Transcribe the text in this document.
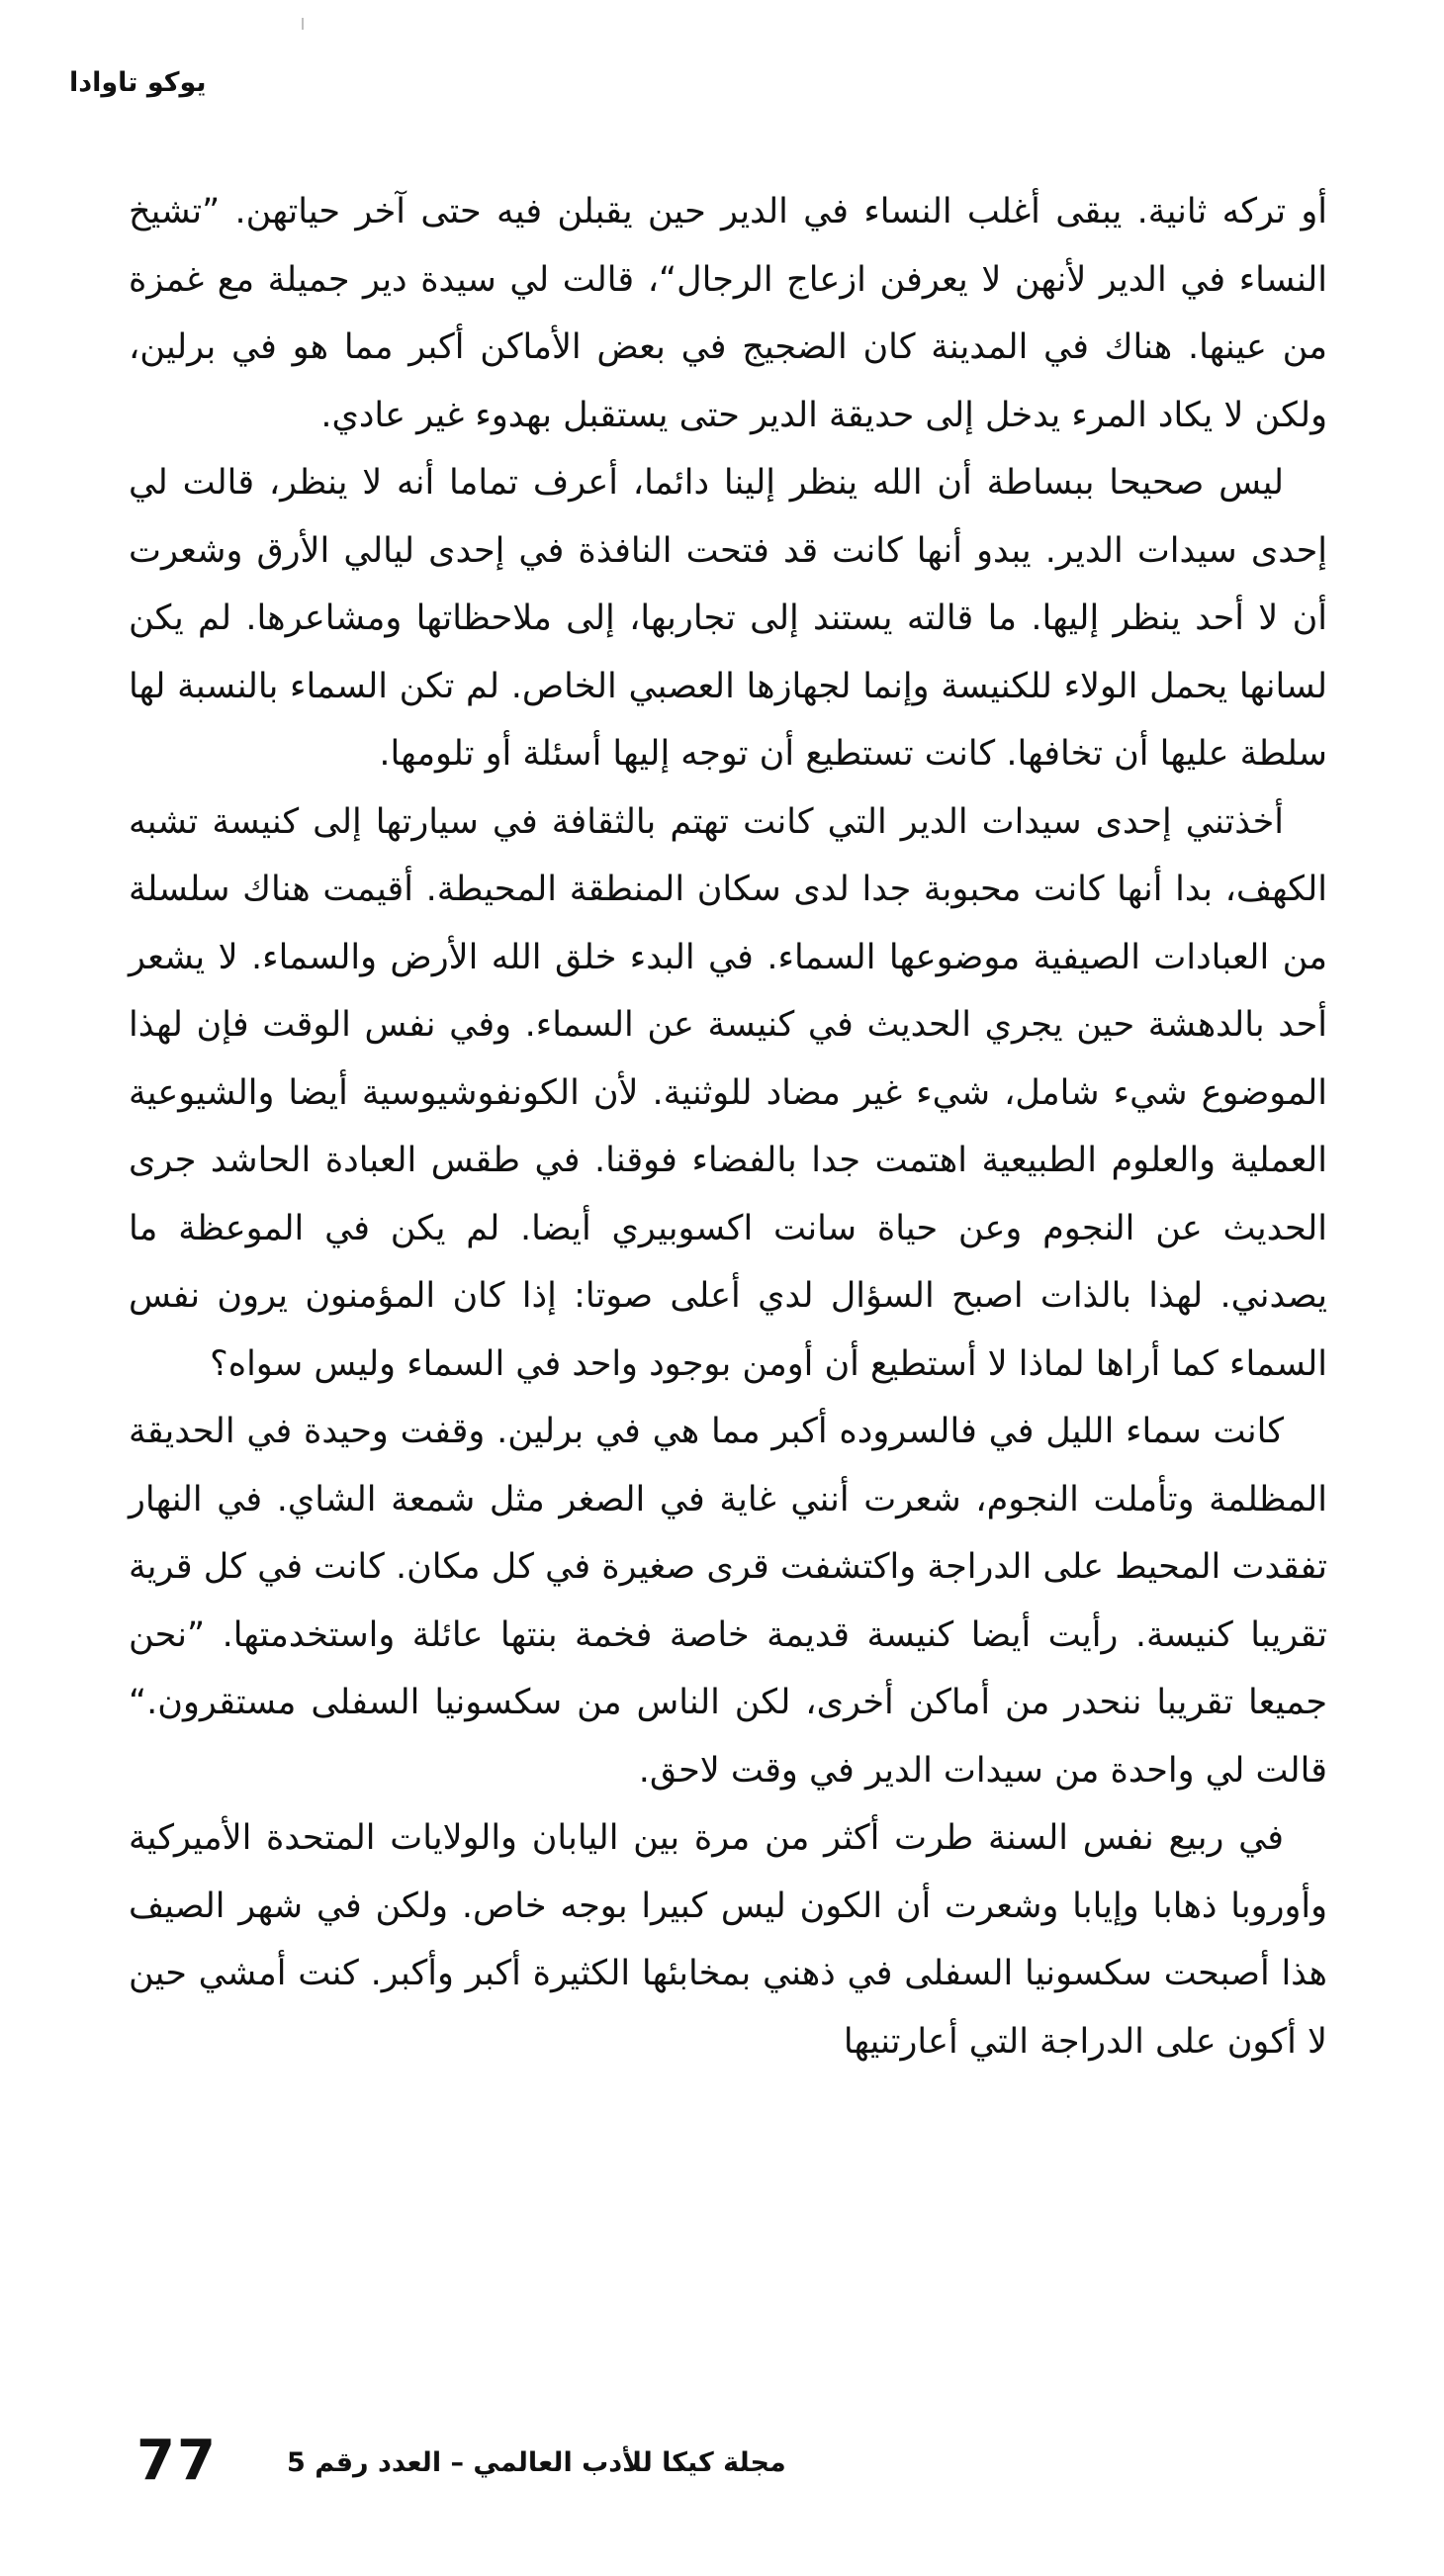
يوكو تاوادا

أو تركه ثانية. يبقى أغلب النساء في الدير حين يقبلن فيه حتى آخر حياتهن. ”تشيخ النساء في الدير لأنهن لا يعرفن ازعاج الرجال“، قالت لي سيدة دير جميلة مع غمزة من عينها. هناك في المدينة كان الضجيج في بعض الأماكن أكبر مما هو في برلين، ولكن لا يكاد المرء يدخل إلى حديقة الدير حتى يستقبل بهدوء غير عادي.

ليس صحيحا ببساطة أن الله ينظر إلينا دائما، أعرف تماما أنه لا ينظر، قالت لي إحدى سيدات الدير. يبدو أنها كانت قد فتحت النافذة في إحدى ليالي الأرق وشعرت أن لا أحد ينظر إليها. ما قالته يستند إلى تجاربها، إلى ملاحظاتها ومشاعرها. لم يكن لسانها يحمل الولاء للكنيسة وإنما لجهازها العصبي الخاص. لم تكن السماء بالنسبة لها سلطة عليها أن تخافها. كانت تستطيع أن توجه إليها أسئلة أو تلومها.

أخذتني إحدى سيدات الدير التي كانت تهتم بالثقافة في سيارتها إلى كنيسة تشبه الكهف، بدا أنها كانت محبوبة جدا لدى سكان المنطقة المحيطة. أقيمت هناك سلسلة من العبادات الصيفية موضوعها السماء. في البدء خلق الله الأرض والسماء. لا يشعر أحد بالدهشة حين يجري الحديث في كنيسة عن السماء. وفي نفس الوقت فإن لهذا الموضوع شيء شامل، شيء غير مضاد للوثنية. لأن الكونفوشيوسية أيضا والشيوعية العملية والعلوم الطبيعية اهتمت جدا بالفضاء فوقنا. في طقس العبادة الحاشد جرى الحديث عن النجوم وعن حياة سانت اكسوبيري أيضا. لم يكن في الموعظة ما يصدني. لهذا بالذات اصبح السؤال لدي أعلى صوتا: إذا كان المؤمنون يرون نفس السماء كما أراها لماذا لا أستطيع أن أومن بوجود واحد في السماء وليس سواه؟

كانت سماء الليل في فالسروده أكبر مما هي في برلين. وقفت وحيدة في الحديقة المظلمة وتأملت النجوم، شعرت أنني غاية في الصغر مثل شمعة الشاي. في النهار تفقدت المحيط على الدراجة واكتشفت قرى صغيرة في كل مكان. كانت في كل قرية تقريبا كنيسة. رأيت أيضا كنيسة قديمة خاصة فخمة بنتها عائلة واستخدمتها. ”نحن جميعا تقريبا ننحدر من أماكن أخرى، لكن الناس من سكسونيا السفلى مستقرون.“ قالت لي واحدة من سيدات الدير في وقت لاحق.

في ربيع نفس السنة طرت أكثر من مرة بين اليابان والولايات المتحدة الأميركية وأوروبا ذهابا وإيابا وشعرت أن الكون ليس كبيرا بوجه خاص. ولكن في شهر الصيف هذا أصبحت سكسونيا السفلى في ذهني بمخابئها الكثيرة أكبر وأكبر. كنت أمشي حين لا أكون على الدراجة التي أعارتنيها

77	مجلة كيكا للأدب العالمي – العدد رقم 5
